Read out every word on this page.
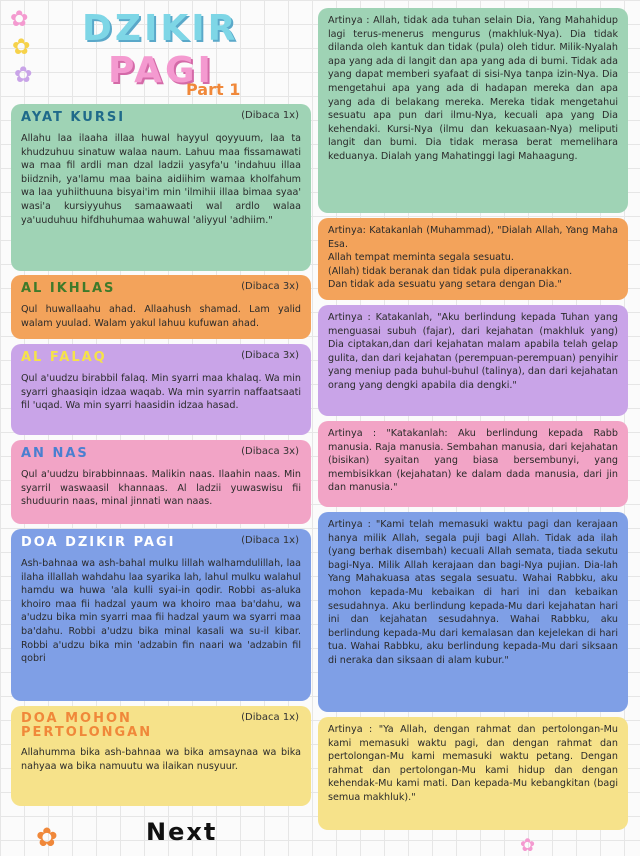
✿
✿
✿
DZIKIR
PAGI
Part 1
AYAT KURSI	(Dibaca 1x)
Allahu laa ilaaha illaa huwal hayyul qoyyuum, laa ta khudzuhuu sinatuw walaa naum. Lahuu maa fissamawati wa maa fil ardli man dzal ladzii yasyfa'u 'indahuu illaa biidznih, ya'lamu maa baina aidiihim wamaa kholfahum wa laa yuhiithuuna bisyai'im min 'ilmihii illaa bimaa syaa' wasi'a kursiyyuhus samaawaati wal ardlo walaa ya'uuduhuu hifdhuhumaa wahuwal 'aliyyul 'adhiim."
AL IKHLAS	(Dibaca 3x)
Qul huwallaahu ahad. Allaahush shamad. Lam yalid walam yuulad. Walam yakul lahuu kufuwan ahad.
AL FALAQ	(Dibaca 3x)
Qul a'uudzu birabbil falaq. Min syarri maa khalaq. Wa min syarri ghaasiqin idzaa waqab. Wa min syarrin naffaatsaati fil 'uqad. Wa min syarri haasidin idzaa hasad.
AN NAS	(Dibaca 3x)
Qul a'uudzu birabbinnaas. Malikin naas. Ilaahin naas. Min syarril waswaasil khannaas. Al ladzii yuwaswisu fii shuduurin naas, minal jinnati wan naas.
DOA DZIKIR PAGI	(Dibaca 1x)
Ash-bahnaa wa ash-bahal mulku lillah walhamdulillah, laa ilaha illallah wahdahu laa syarika lah, lahul mulku walahul hamdu wa huwa 'ala kulli syai-in qodir. Robbi as-aluka khoiro maa fii hadzal yaum wa khoiro maa ba'dahu, wa a'udzu bika min syarri maa fii hadzal yaum wa syarri maa ba'dahu. Robbi a'udzu bika minal kasali wa su-il kibar. Robbi a'udzu bika min 'adzabin fin naari wa 'adzabin fil qobri
DOA MOHON PERTOLONGAN
(Dibaca 1x)
Allahumma bika ash-bahnaa wa bika amsaynaa wa bika nahyaa wa bika namuutu wa ilaikan nusyuur.
Artinya : Allah, tidak ada tuhan selain Dia, Yang Mahahidup lagi terus-menerus mengurus (makhluk-Nya). Dia tidak dilanda oleh kantuk dan tidak (pula) oleh tidur. Milik-Nyalah apa yang ada di langit dan apa yang ada di bumi. Tidak ada yang dapat memberi syafaat di sisi-Nya tanpa izin-Nya. Dia mengetahui apa yang ada di hadapan mereka dan apa yang ada di belakang mereka. Mereka tidak mengetahui sesuatu apa pun dari ilmu-Nya, kecuali apa yang Dia kehendaki. Kursi-Nya (ilmu dan kekuasaan-Nya) meliputi langit dan bumi. Dia tidak merasa berat memelihara keduanya. Dialah yang Mahatinggi lagi Mahaagung.
Artinya: Katakanlah (Muhammad), "Dialah Allah, Yang Maha Esa.
Allah tempat meminta segala sesuatu.
(Allah) tidak beranak dan tidak pula diperanakkan.
Dan tidak ada sesuatu yang setara dengan Dia."
Artinya : Katakanlah, "Aku berlindung kepada Tuhan yang menguasai subuh (fajar), dari kejahatan (makhluk yang) Dia ciptakan,dan dari kejahatan malam apabila telah gelap gulita, dan dari kejahatan (perempuan-perempuan) penyihir yang meniup pada buhul-buhul (talinya), dan dari kejahatan orang yang dengki apabila dia dengki."
Artinya : "Katakanlah: Aku berlindung kepada Rabb manusia. Raja manusia. Sembahan manusia, dari kejahatan (bisikan) syaitan yang biasa bersembunyi, yang membisikkan (kejahatan) ke dalam dada manusia, dari jin dan manusia."
Artinya : "Kami telah memasuki waktu pagi dan kerajaan hanya milik Allah, segala puji bagi Allah. Tidak ada ilah (yang berhak disembah) kecuali Allah semata, tiada sekutu bagi-Nya. Milik Allah kerajaan dan bagi-Nya pujian. Dia-lah Yang Mahakuasa atas segala sesuatu. Wahai Rabbku, aku mohon kepada-Mu kebaikan di hari ini dan kebaikan sesudahnya. Aku berlindung kepada-Mu dari kejahatan hari ini dan kejahatan sesudahnya. Wahai Rabbku, aku berlindung kepada-Mu dari kemalasan dan kejelekan di hari tua. Wahai Rabbku, aku berlindung kepada-Mu dari siksaan di neraka dan siksaan di alam kubur."
Artinya : "Ya Allah, dengan rahmat dan pertolongan-Mu kami memasuki waktu pagi, dan dengan rahmat dan pertolongan-Mu kami memasuki waktu petang. Dengan rahmat dan pertolongan-Mu kami hidup dan dengan kehendak-Mu kami mati. Dan kepada-Mu kebangkitan (bagi semua makhluk)."
✿	Next	✿
